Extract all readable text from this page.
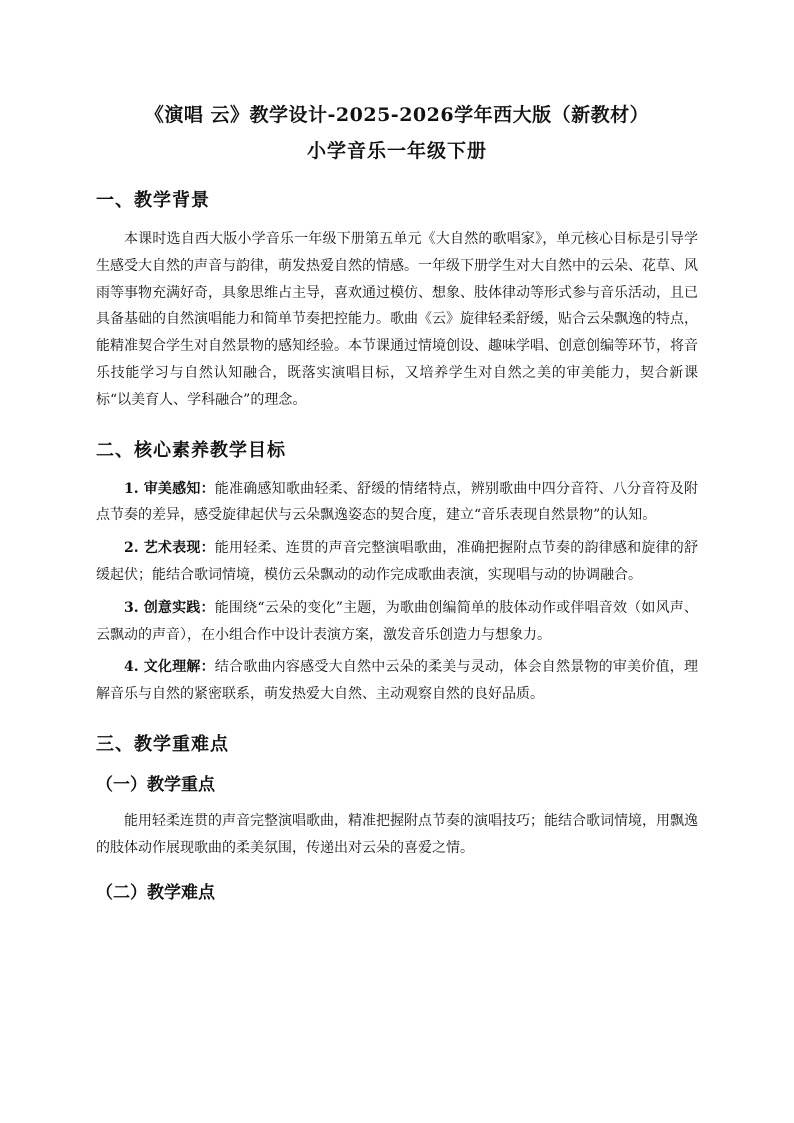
《演唱 云》教学设计-2025-2026学年西大版（新教材）
小学音乐一年级下册
一、教学背景

本课时选自西大版小学音乐一年级下册第五单元《大自然的歌唱家》，单元核心目标是引导学生感受大自然的声音与韵律，萌发热爱自然的情感。一年级下册学生对大自然中的云朵、花草、风雨等事物充满好奇，具象思维占主导，喜欢通过模仿、想象、肢体律动等形式参与音乐活动，且已具备基础的自然演唱能力和简单节奏把控能力。歌曲《云》旋律轻柔舒缓，贴合云朵飘逸的特点，能精准契合学生对自然景物的感知经验。本节课通过情境创设、趣味学唱、创意创编等环节，将音乐技能学习与自然认知融合，既落实演唱目标，又培养学生对自然之美的审美能力，契合新课标“以美育人、学科融合”的理念。

二、核心素养教学目标

1. 审美感知：能准确感知歌曲轻柔、舒缓的情绪特点，辨别歌曲中四分音符、八分音符及附点节奏的差异，感受旋律起伏与云朵飘逸姿态的契合度，建立“音乐表现自然景物”的认知。

2. 艺术表现：能用轻柔、连贯的声音完整演唱歌曲，准确把握附点节奏的韵律感和旋律的舒缓起伏；能结合歌词情境，模仿云朵飘动的动作完成歌曲表演，实现唱与动的协调融合。

3. 创意实践：能围绕“云朵的变化”主题，为歌曲创编简单的肢体动作或伴唱音效（如风声、云飘动的声音），在小组合作中设计表演方案，激发音乐创造力与想象力。

4. 文化理解：结合歌曲内容感受大自然中云朵的柔美与灵动，体会自然景物的审美价值，理解音乐与自然的紧密联系，萌发热爱大自然、主动观察自然的良好品质。

三、教学重难点
（一）教学重点

能用轻柔连贯的声音完整演唱歌曲，精准把握附点节奏的演唱技巧；能结合歌词情境，用飘逸的肢体动作展现歌曲的柔美氛围，传递出对云朵的喜爱之情。

（二）教学难点
